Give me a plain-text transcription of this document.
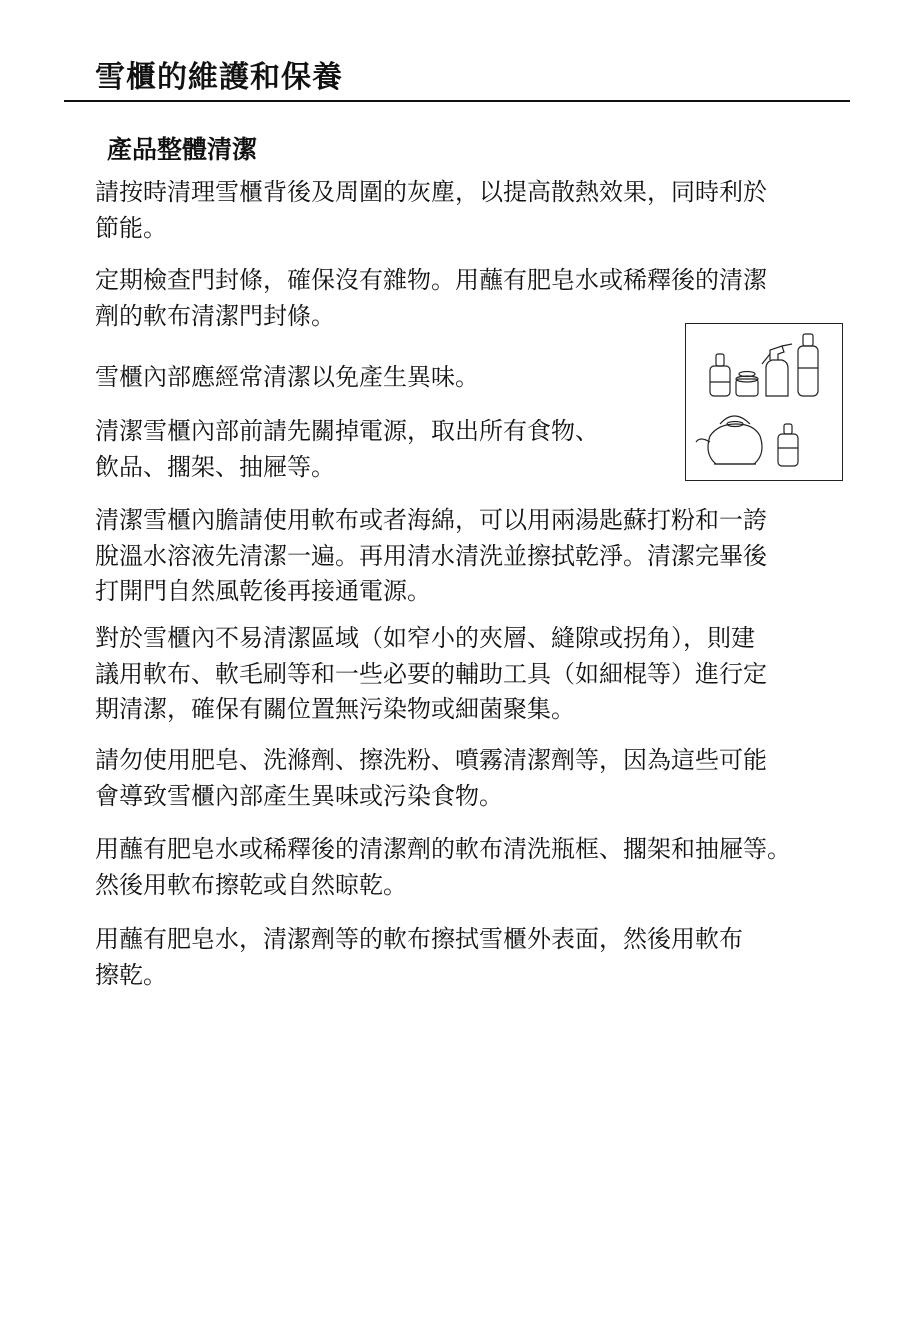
雪櫃的維護和保養
產品整體清潔

請按時清理雪櫃背後及周圍的灰塵，以提高散熱效果，同時利於
節能。

定期檢查門封條，確保沒有雜物。用蘸有肥皂水或稀釋後的清潔
劑的軟布清潔門封條。

雪櫃內部應經常清潔以免產生異味。

清潔雪櫃內部前請先關掉電源，取出所有食物、
飲品、擱架、抽屜等。

清潔雪櫃內膽請使用軟布或者海綿，可以用兩湯匙蘇打粉和一誇
脫溫水溶液先清潔一遍。再用清水清洗並擦拭乾淨。清潔完畢後
打開門自然風乾後再接通電源。

對於雪櫃內不易清潔區域（如窄小的夾層、縫隙或拐角），則建
議用軟布、軟毛刷等和一些必要的輔助工具（如細棍等）進行定
期清潔，確保有關位置無污染物或細菌聚集。

請勿使用肥皂、洗滌劑、擦洗粉、噴霧清潔劑等，因為這些可能
會導致雪櫃內部產生異味或污染食物。

用蘸有肥皂水或稀釋後的清潔劑的軟布清洗瓶框、擱架和抽屜等。
然後用軟布擦乾或自然晾乾。

用蘸有肥皂水，清潔劑等的軟布擦拭雪櫃外表面，然後用軟布
擦乾。
